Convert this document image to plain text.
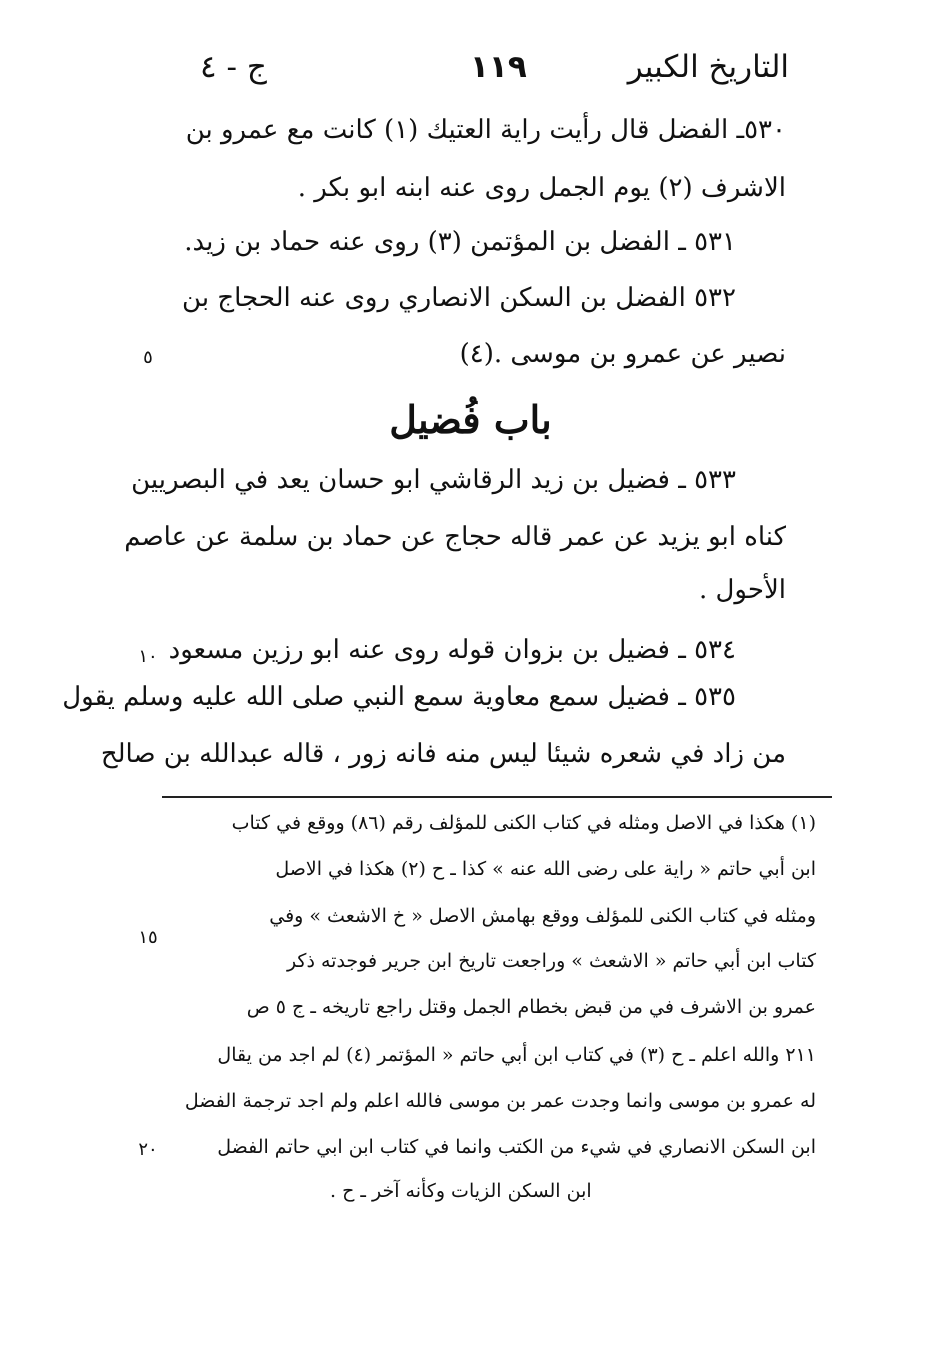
التاريخ الكبير
١١٩
ج - ٤
٥٣٠ـ الفضل قال رأيت راية العتيك (١) كانت مع عمرو بن
الاشرف (٢) يوم الجمل روى عنه ابنه ابو بكر .
٥٣١ ـ الفضل بن المؤتمن (٣) روى عنه حماد بن زيد.
٥٣٢ الفضل بن السكن الانصاري روى عنه الحجاج بن
نصير عن عمرو بن موسى .(٤)
٥
باب فُضيل
٥٣٣ ـ فضيل بن زيد الرقاشي ابو حسان يعد في البصريين
كناه ابو يزيد عن عمر قاله حجاج عن حماد بن سلمة عن عاصم
الأحول .
٥٣٤ ـ فضيل بن بزوان قوله روى عنه ابو رزين مسعود
٥٣٥ ـ فضيل سمع معاوية سمع النبي صلى الله عليه وسلم يقول
من زاد في شعره شيئا ليس منه فانه زور ، قاله عبدالله بن صالح
١٠
(١) هكذا في الاصل ومثله في كتاب الكنى للمؤلف رقم (٨٦) ووقع في كتاب
ابن أبي حاتم « راية على رضى الله عنه » كذا ـ ح (٢) هكذا في الاصل
ومثله في كتاب الكنى للمؤلف ووقع بهامش الاصل « خ الاشعث » وفي
كتاب ابن أبي حاتم « الاشعث » وراجعت تاريخ ابن جرير فوجدته ذكر
عمرو بن الاشرف في من قبض بخطام الجمل وقتل راجع تاريخه ـ ج ٥ ص
٢١١ والله اعلم ـ ح (٣) في كتاب ابن أبي حاتم « المؤتمر (٤) لم اجد من يقال
له عمرو بن موسى وانما وجدت عمر بن موسى فالله اعلم ولم اجد ترجمة الفضل
ابن السكن الانصاري في شيء من الكتب وانما في كتاب ابن ابي حاتم الفضل
ابن السكن الزيات وكأنه آخر ـ ح .
١٥
٢٠
